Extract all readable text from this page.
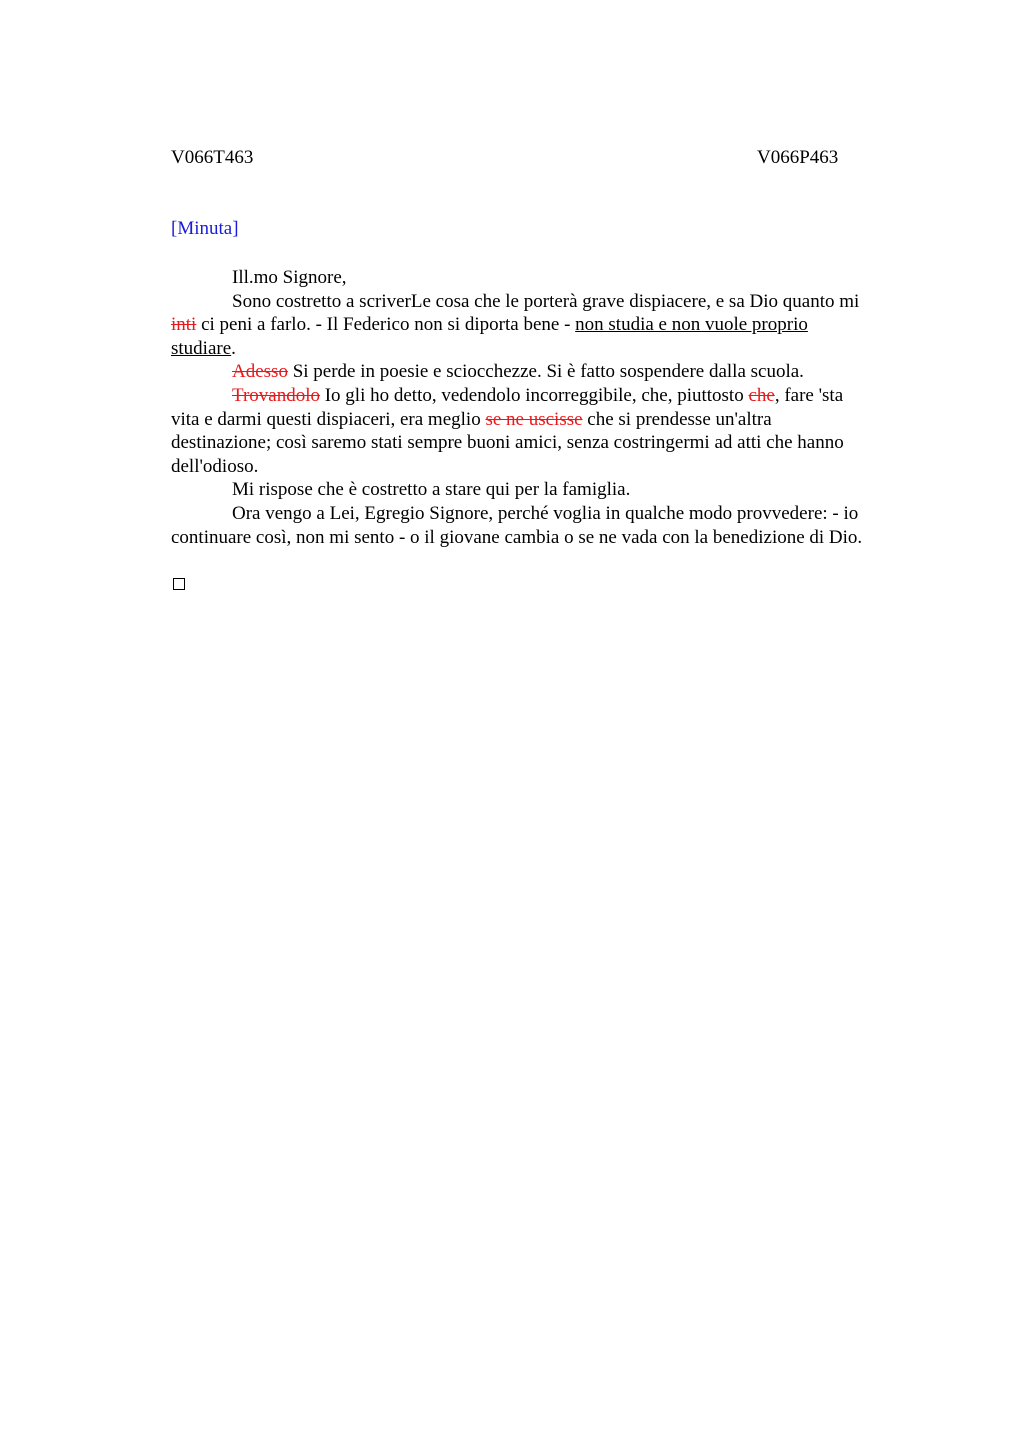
V066T463	V066P463
[Minuta]
Ill.mo Signore,
Sono costretto a scriverLe cosa che le porterà grave dispiacere, e sa Dio quanto mi
inti ci peni a farlo. - Il Federico non si diporta bene - non studia e non vuole proprio
studiare.
Adesso Si perde in poesie e sciocchezze. Si è fatto sospendere dalla scuola.
Trovandolo Io gli ho detto, vedendolo incorreggibile, che, piuttosto che, fare 'sta
vita e darmi questi dispiaceri, era meglio se ne uscisse che si prendesse un'altra
destinazione; così saremo stati sempre buoni amici, senza costringermi ad atti che hanno
dell'odioso.
Mi rispose che è costretto a stare qui per la famiglia.
Ora vengo a Lei, Egregio Signore, perché voglia in qualche modo provvedere: - io
continuare così, non mi sento - o il giovane cambia o se ne vada con la benedizione di Dio.
